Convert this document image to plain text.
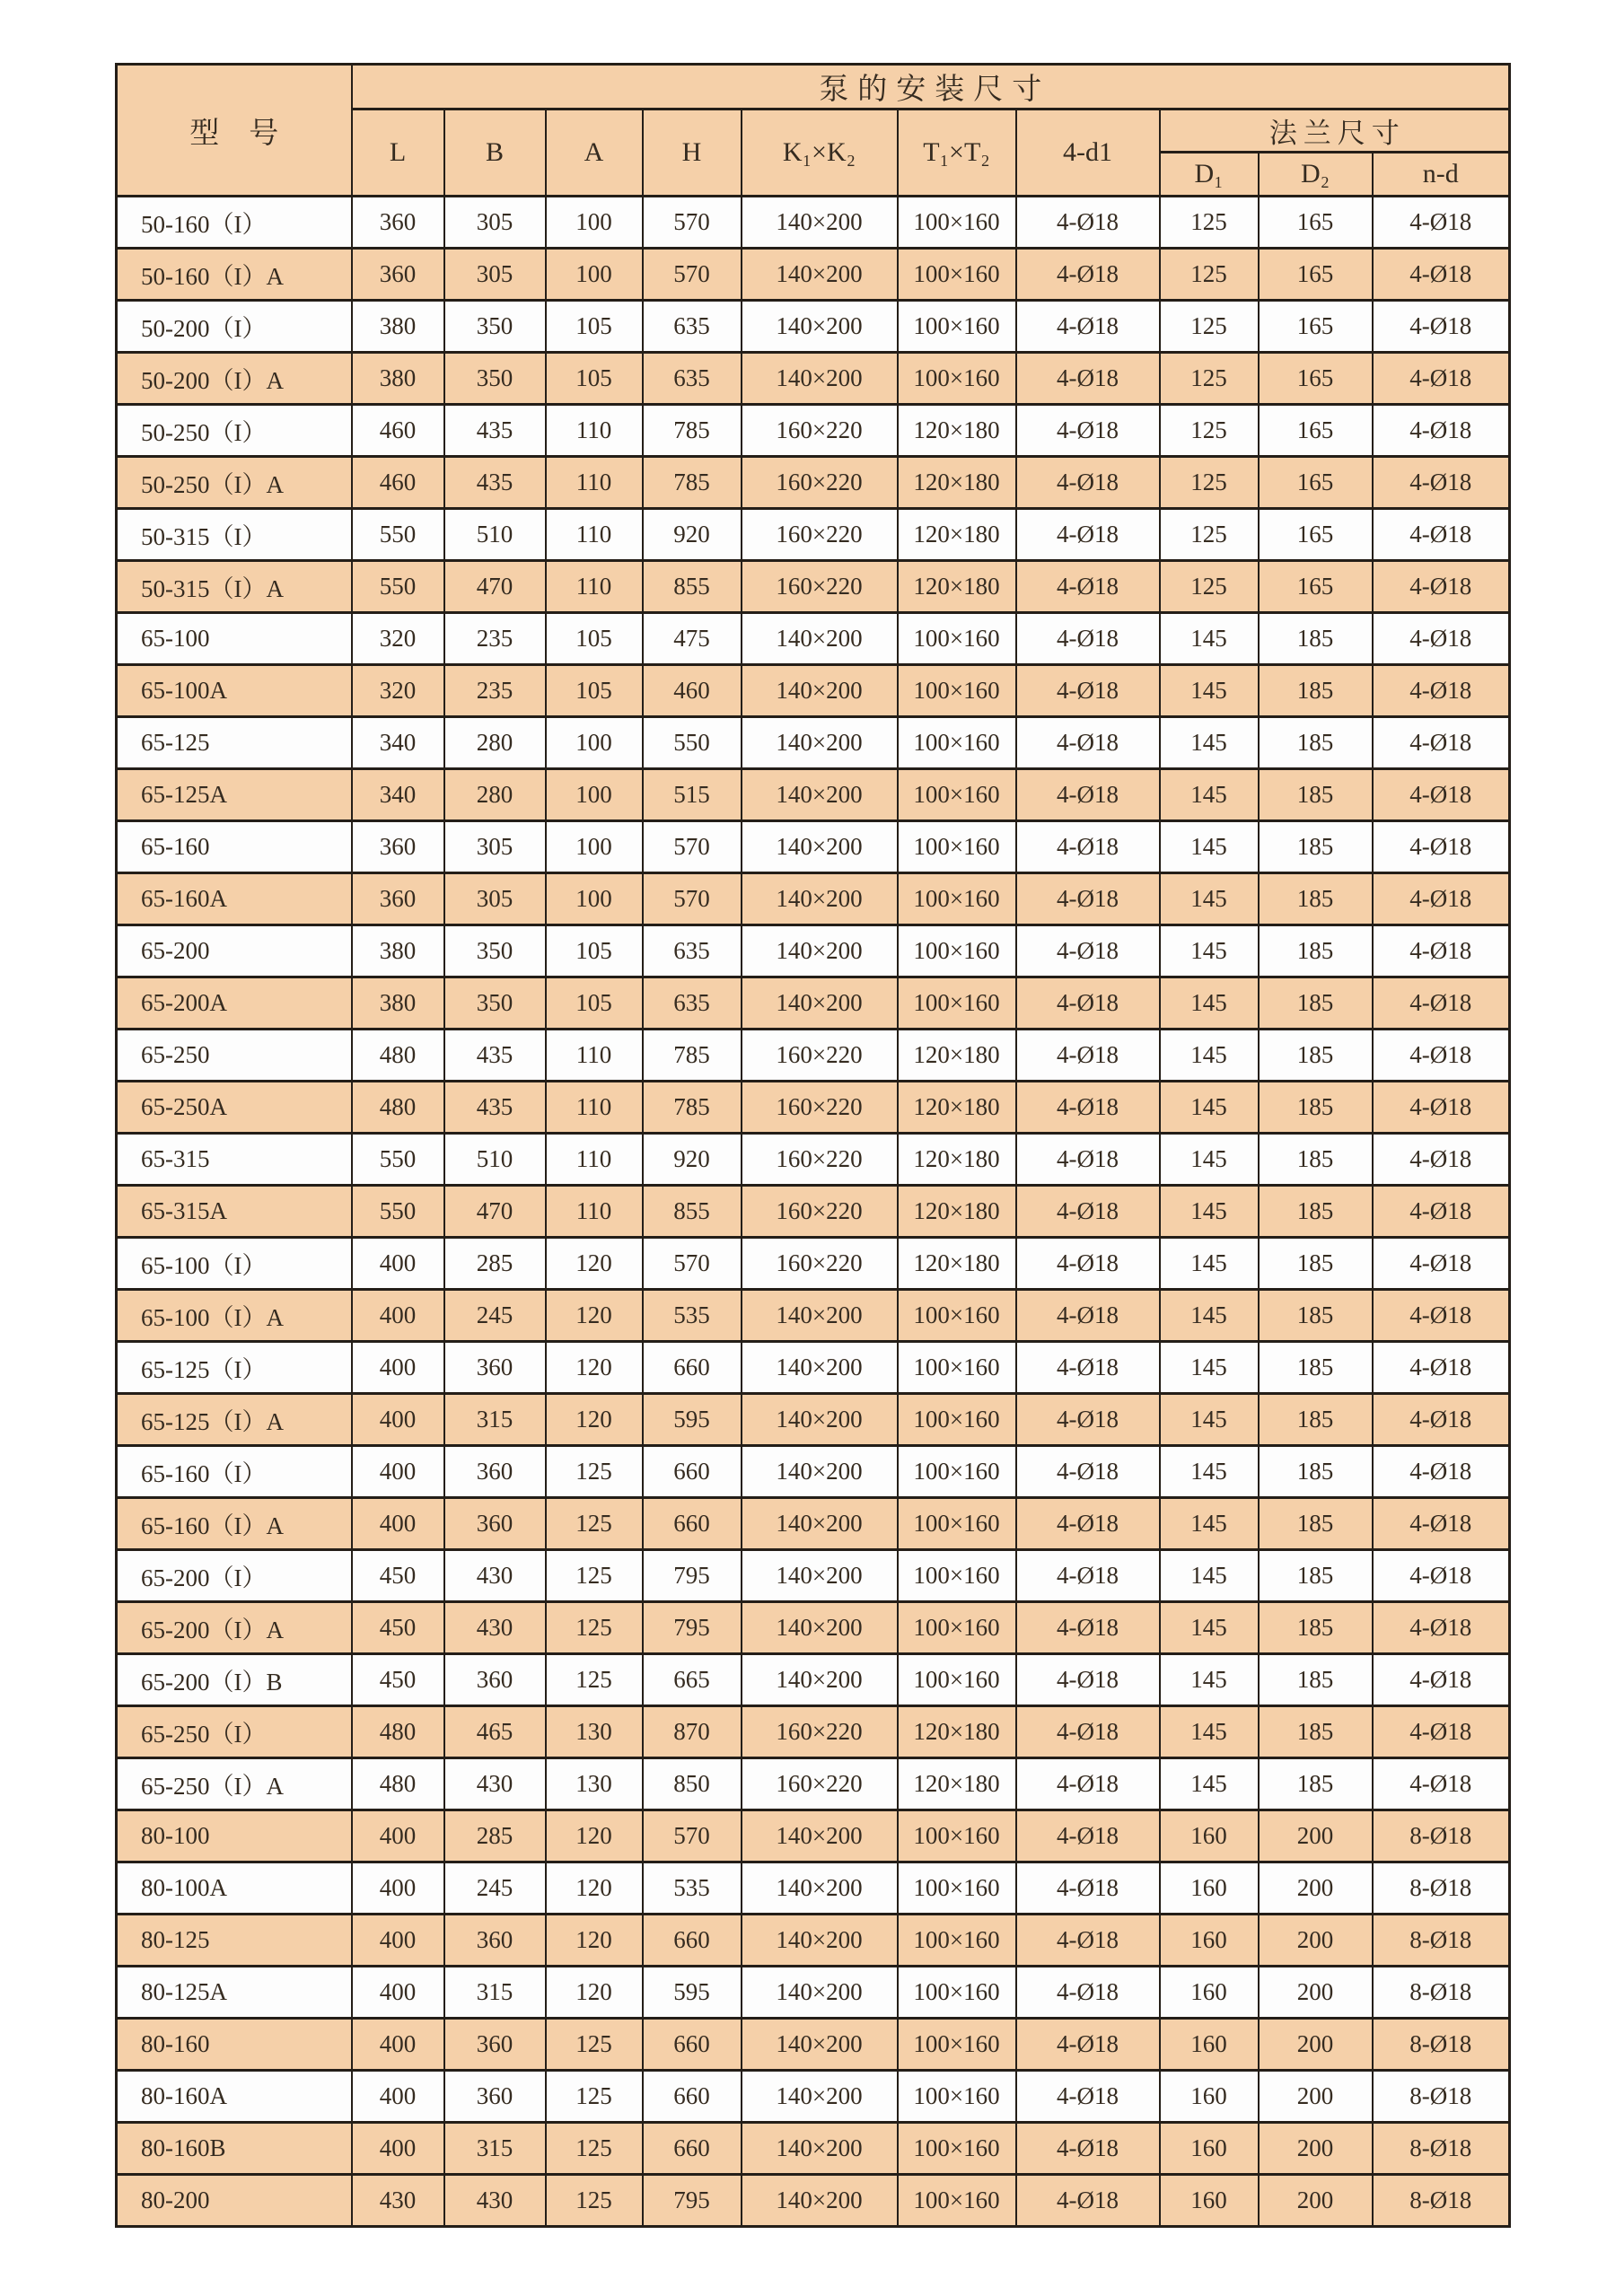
型　号	泵的安装尺寸									
	L	B	A	H	K₁×K₂	T₁×T₂	4-d1	法兰尺寸		
								D₁	D₂	n-d
50-160（I）	360	305	100	570	140×200	100×160	4-Ø18	125	165	4-Ø18
50-160（I）A	360	305	100	570	140×200	100×160	4-Ø18	125	165	4-Ø18
50-200（I）	380	350	105	635	140×200	100×160	4-Ø18	125	165	4-Ø18
50-200（I）A	380	350	105	635	140×200	100×160	4-Ø18	125	165	4-Ø18
50-250（I）	460	435	110	785	160×220	120×180	4-Ø18	125	165	4-Ø18
50-250（I）A	460	435	110	785	160×220	120×180	4-Ø18	125	165	4-Ø18
50-315（I）	550	510	110	920	160×220	120×180	4-Ø18	125	165	4-Ø18
50-315（I）A	550	470	110	855	160×220	120×180	4-Ø18	125	165	4-Ø18
65-100	320	235	105	475	140×200	100×160	4-Ø18	145	185	4-Ø18
65-100A	320	235	105	460	140×200	100×160	4-Ø18	145	185	4-Ø18
65-125	340	280	100	550	140×200	100×160	4-Ø18	145	185	4-Ø18
65-125A	340	280	100	515	140×200	100×160	4-Ø18	145	185	4-Ø18
65-160	360	305	100	570	140×200	100×160	4-Ø18	145	185	4-Ø18
65-160A	360	305	100	570	140×200	100×160	4-Ø18	145	185	4-Ø18
65-200	380	350	105	635	140×200	100×160	4-Ø18	145	185	4-Ø18
65-200A	380	350	105	635	140×200	100×160	4-Ø18	145	185	4-Ø18
65-250	480	435	110	785	160×220	120×180	4-Ø18	145	185	4-Ø18
65-250A	480	435	110	785	160×220	120×180	4-Ø18	145	185	4-Ø18
65-315	550	510	110	920	160×220	120×180	4-Ø18	145	185	4-Ø18
65-315A	550	470	110	855	160×220	120×180	4-Ø18	145	185	4-Ø18
65-100（I）	400	285	120	570	160×220	120×180	4-Ø18	145	185	4-Ø18
65-100（I）A	400	245	120	535	140×200	100×160	4-Ø18	145	185	4-Ø18
65-125（I）	400	360	120	660	140×200	100×160	4-Ø18	145	185	4-Ø18
65-125（I）A	400	315	120	595	140×200	100×160	4-Ø18	145	185	4-Ø18
65-160（I）	400	360	125	660	140×200	100×160	4-Ø18	145	185	4-Ø18
65-160（I）A	400	360	125	660	140×200	100×160	4-Ø18	145	185	4-Ø18
65-200（I）	450	430	125	795	140×200	100×160	4-Ø18	145	185	4-Ø18
65-200（I）A	450	430	125	795	140×200	100×160	4-Ø18	145	185	4-Ø18
65-200（I）B	450	360	125	665	140×200	100×160	4-Ø18	145	185	4-Ø18
65-250（I）	480	465	130	870	160×220	120×180	4-Ø18	145	185	4-Ø18
65-250（I）A	480	430	130	850	160×220	120×180	4-Ø18	145	185	4-Ø18
80-100	400	285	120	570	140×200	100×160	4-Ø18	160	200	8-Ø18
80-100A	400	245	120	535	140×200	100×160	4-Ø18	160	200	8-Ø18
80-125	400	360	120	660	140×200	100×160	4-Ø18	160	200	8-Ø18
80-125A	400	315	120	595	140×200	100×160	4-Ø18	160	200	8-Ø18
80-160	400	360	125	660	140×200	100×160	4-Ø18	160	200	8-Ø18
80-160A	400	360	125	660	140×200	100×160	4-Ø18	160	200	8-Ø18
80-160B	400	315	125	660	140×200	100×160	4-Ø18	160	200	8-Ø18
80-200	430	430	125	795	140×200	100×160	4-Ø18	160	200	8-Ø18
